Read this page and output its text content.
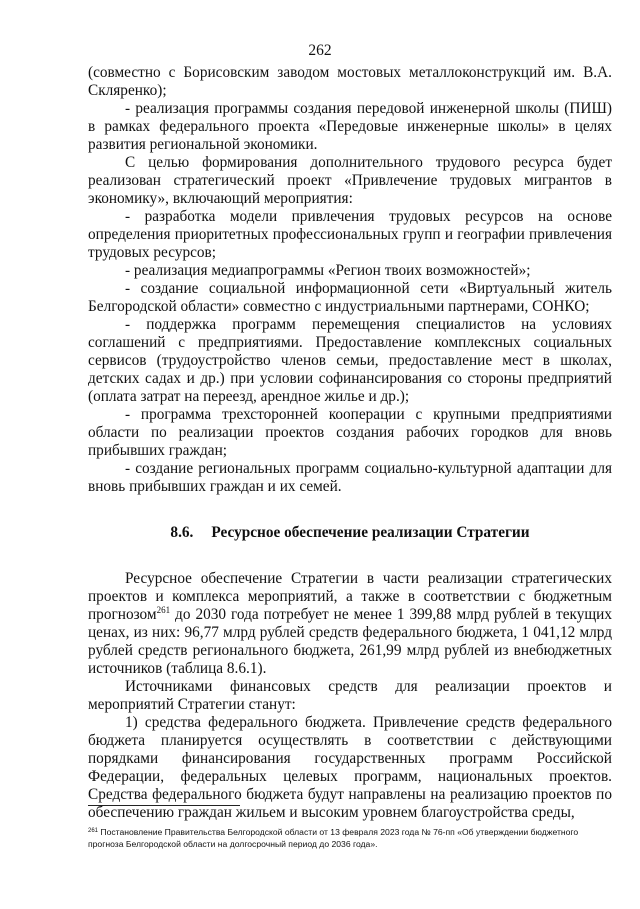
262

(совместно с Борисовским заводом мостовых металлоконструкций им. В.А. Скляренко);

- реализация программы создания передовой инженерной школы (ПИШ) в рамках федерального проекта «Передовые инженерные школы» в целях развития региональной экономики.

С целью формирования дополнительного трудового ресурса будет реализован стратегический проект «Привлечение трудовых мигрантов в экономику», включающий мероприятия:

- разработка модели привлечения трудовых ресурсов на основе определения приоритетных профессиональных групп и географии привлечения трудовых ресурсов;

- реализация медиапрограммы «Регион твоих возможностей»;

- создание социальной информационной сети «Виртуальный житель Белгородской области» совместно с индустриальными партнерами, СОНКО;

- поддержка программ перемещения специалистов на условиях соглашений с предприятиями. Предоставление комплексных социальных сервисов (трудоустройство членов семьи, предоставление мест в школах, детских садах и др.) при условии софинансирования со стороны предприятий (оплата затрат на переезд, арендное жилье и др.);

- программа трехсторонней кооперации с крупными предприятиями области по реализации проектов создания рабочих городков для вновь прибывших граждан;

- создание региональных программ социально-культурной адаптации для вновь прибывших граждан и их семей.

8.6. Ресурсное обеспечение реализации Стратегии

Ресурсное обеспечение Стратегии в части реализации стратегических проектов и комплекса мероприятий, а также в соответствии с бюджетным прогнозом$^{261}$ до 2030 года потребует не менее 1 399,88 млрд рублей в текущих ценах, из них: 96,77 млрд рублей средств федерального бюджета, 1 041,12 млрд рублей средств регионального бюджета, 261,99 млрд рублей из внебюджетных источников (таблица 8.6.1).

Источниками финансовых средств для реализации проектов и мероприятий Стратегии станут:

1) средства федерального бюджета. Привлечение средств федерального бюджета планируется осуществлять в соответствии с действующими порядками финансирования государственных программ Российской Федерации, федеральных целевых программ, национальных проектов. Средства федерального бюджета будут направлены на реализацию проектов по обеспечению граждан жильем и высоким уровнем благоустройства среды,

$^{261}$ Постановление Правительства Белгородской области от 13 февраля 2023 года № 76-пп «Об утверждении бюджетного прогноза Белгородской области на долгосрочный период до 2036 года».
